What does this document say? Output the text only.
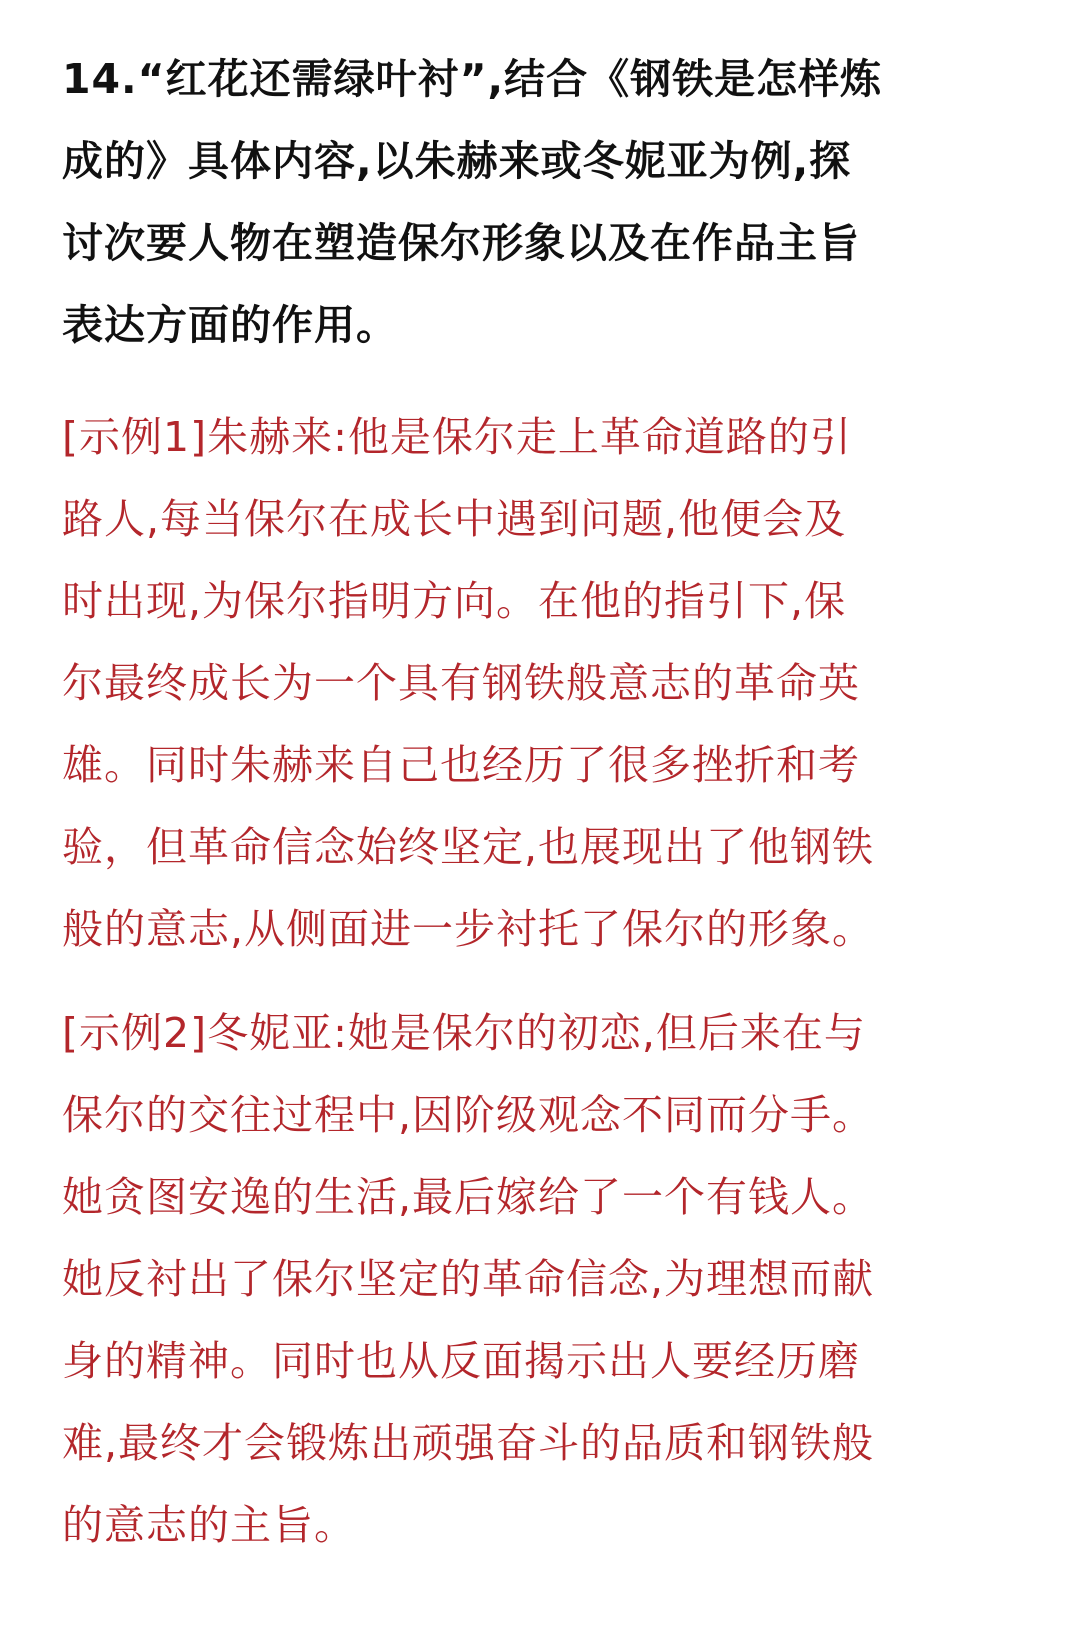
14.“红花还需绿叶衬”,结合《钢铁是怎样炼
成的》具体内容,以朱赫来或冬妮亚为例,探
讨次要人物在塑造保尔形象以及在作品主旨
表达方面的作用。

[示例1]朱赫来:他是保尔走上革命道路的引
路人,每当保尔在成长中遇到问题,他便会及
时出现,为保尔指明方向。在他的指引下,保
尔最终成长为一个具有钢铁般意志的革命英
雄。同时朱赫来自己也经历了很多挫折和考
验，但革命信念始终坚定,也展现出了他钢铁
般的意志,从侧面进一步衬托了保尔的形象。

[示例2]冬妮亚:她是保尔的初恋,但后来在与
保尔的交往过程中,因阶级观念不同而分手。
她贪图安逸的生活,最后嫁给了一个有钱人。
她反衬出了保尔坚定的革命信念,为理想而献
身的精神。同时也从反面揭示出人要经历磨
难,最终才会锻炼出顽强奋斗的品质和钢铁般
的意志的主旨。
